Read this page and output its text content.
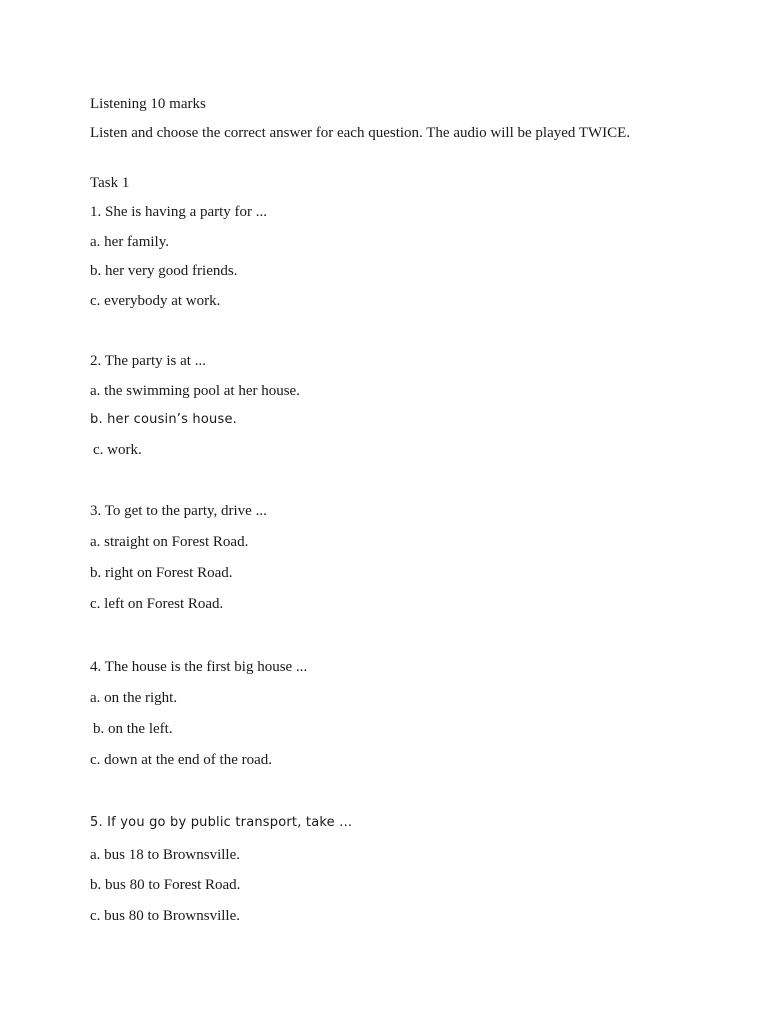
Listening 10 marks
Listen and choose the correct answer for each question. The audio will be played TWICE.
Task 1
1. She is having a party for ...
a. her family.
b. her very good friends.
c. everybody at work.
2. The party is at ...
a. the swimming pool at her house.
b. her cousin’s house.
c. work.
3. To get to the party, drive ...
a. straight on Forest Road.
b. right on Forest Road.
c. left on Forest Road.
4. The house is the first big house ...
a. on the right.
b. on the left.
c. down at the end of the road.
5. If you go by public transport, take …
a. bus 18 to Brownsville.
b. bus 80 to Forest Road.
c. bus 80 to Brownsville.
